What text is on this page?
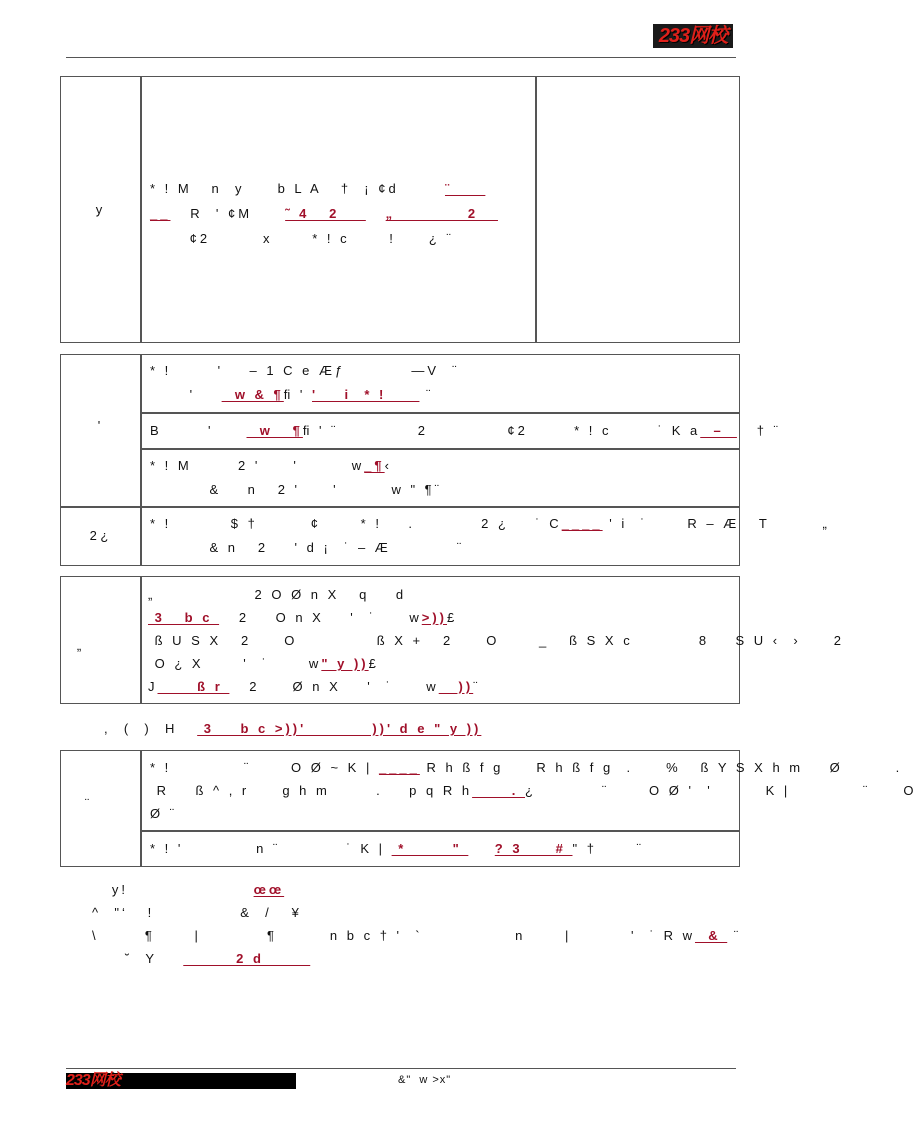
233网校
y
'
2 ¿
„
¨
233网校	&"  w >x"
* ! M   n  y     b L A   †  ¡ ¢d       ¨
__   R  ' ¢M     ˜ 4   2       „           2
¢2        x      * ! c      !     ¿ ¨
* !       '    – 1 C e Æƒ          —V  ¨
'      w & ¶ﬁ ' '    i  * !      ¨
B       '       w   ¶ﬁ ' ¨            2            ¢2       * ! c       ˙ K a  –     † ¨
* ! M       2 '     '        w_¶‹
&    n   2 '     '        w " ¶¨
* !         $ †        ¢      * !    .          2 ¿    ˙ C____ ' i  ˙      R – Æ   T        „
& n   2    ' d ¡  ˙ – Æ          ¨
„               2 O Ø n X   q    d
3   b c    2    O n X    '  ˙     w>))£
ß U S X   2     O            ß X +   2     O      _   ß S X c          8    S U ‹  ›     2
O ¿ X      '  ˙      w" y ))£
J      ß r    2     Ø n X    '  ˙     w   ))¨
,  (  )  H    3    b c >))'          ))' d e " y ))
* !           ¨      O Ø ~ K | ____ R h ß f g     R h ß f g  .     %   ß Y S X h m    Ø        .
R    ß ^ , r     g h m       .    p q R h      . ¿          ¨      O Ø '  '        K |           ¨     O
Ø ¨
* ! '           n ¨          ˙ K |  *       "     ? 3     # " †      ¨
y!                   œœ
^  "‘   !             &  /   ¥
\       ¶      |          ¶        n b c † '  `              n      |         '  ˙ R w  &  ¨
˘  Y            2 d
